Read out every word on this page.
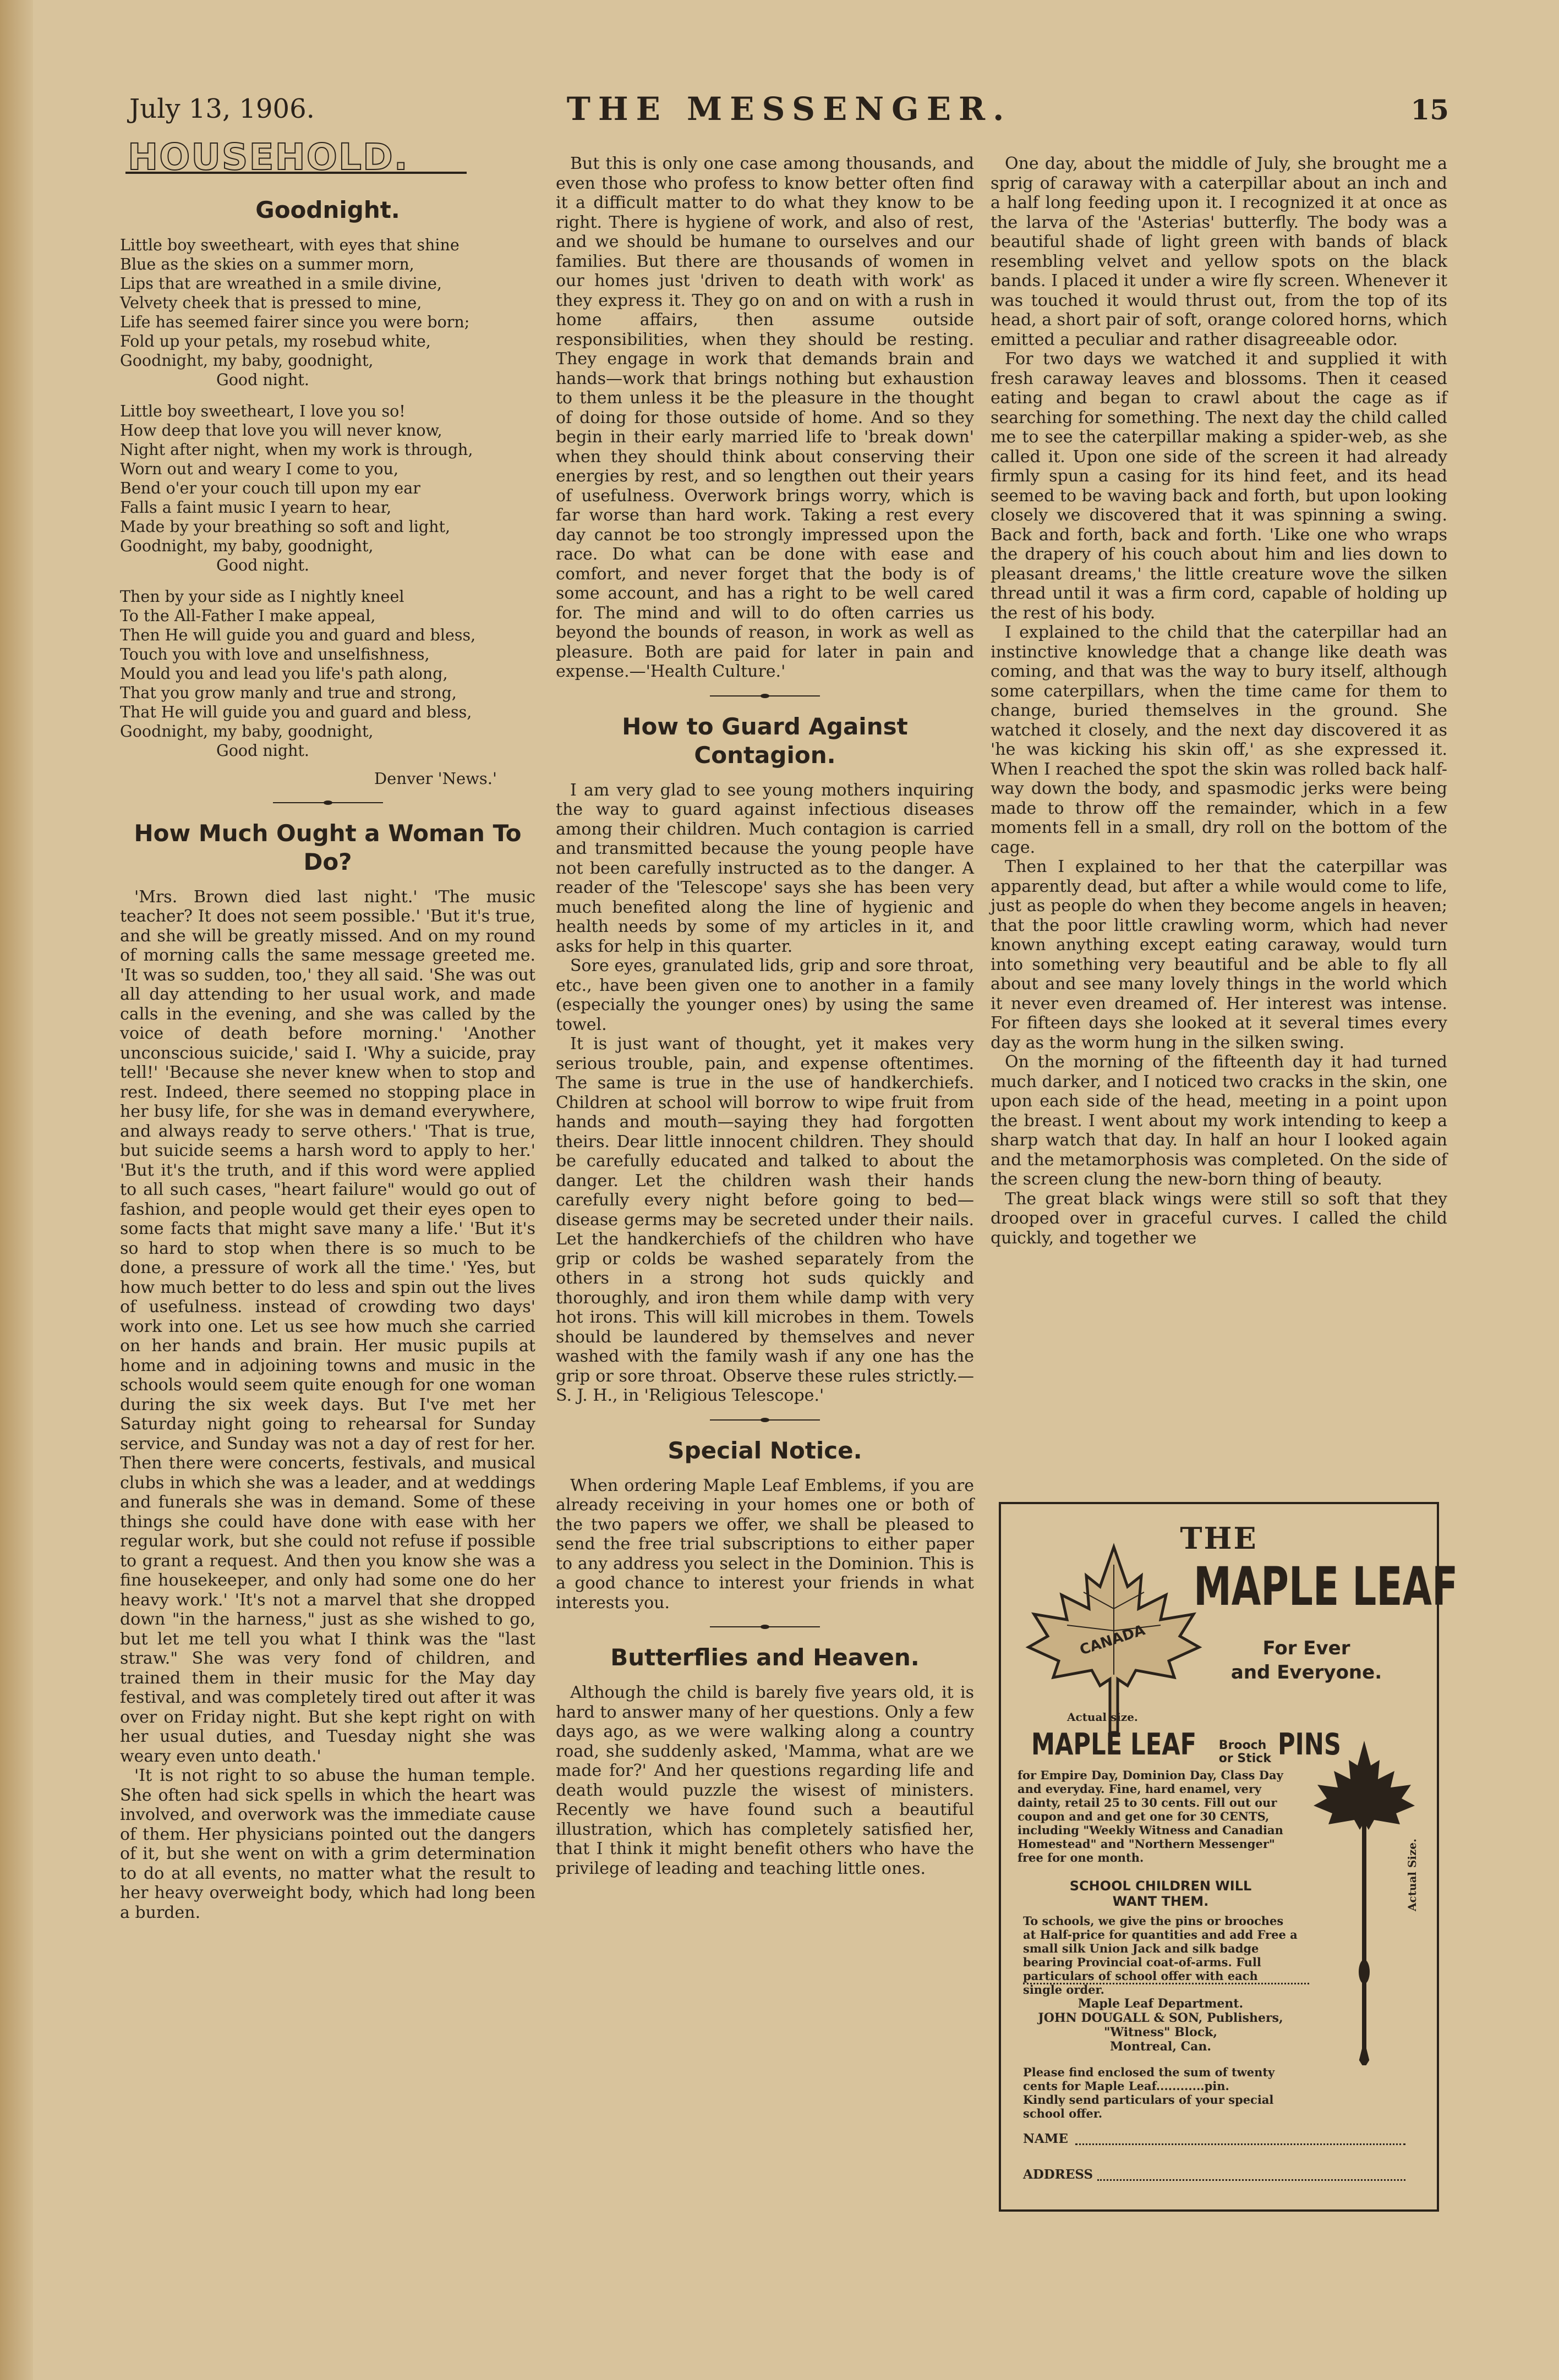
July 13, 1906.	THE MESSENGER.	15
HOUSEHOLD.
Goodnight.
Little boy sweetheart, with eyes that shine
Blue as the skies on a summer morn,
Lips that are wreathed in a smile divine,
Velvety cheek that is pressed to mine,
Life has seemed fairer since you were born;
Fold up your petals, my rosebud white,
Goodnight, my baby, goodnight,
Good night.
Little boy sweetheart, I love you so!
How deep that love you will never know,
Night after night, when my work is through,
Worn out and weary I come to you,
Bend o'er your couch till upon my ear
Falls a faint music I yearn to hear,
Made by your breathing so soft and light,
Goodnight, my baby, goodnight,
Good night.
Then by your side as I nightly kneel
To the All-Father I make appeal,
Then He will guide you and guard and bless,
Touch you with love and unselfishness,
Mould you and lead you life's path along,
That you grow manly and true and strong,
That He will guide you and guard and bless,
Goodnight, my baby, goodnight,
Good night.
Denver 'News.'
How Much Ought a Woman To Do?

'Mrs. Brown died last night.' 'The music teacher? It does not seem possible.' 'But it's true, and she will be greatly missed. And on my round of morning calls the same message greeted me. 'It was so sudden, too,' they all said. 'She was out all day attending to her usual work, and made calls in the evening, and she was called by the voice of death before morning.' 'Another unconscious suicide,' said I. 'Why a suicide, pray tell!' 'Because she never knew when to stop and rest. Indeed, there seemed no stopping place in her busy life, for she was in demand everywhere, and always ready to serve others.' 'That is true, but suicide seems a harsh word to apply to her.' 'But it's the truth, and if this word were applied to all such cases, "heart failure" would go out of fashion, and people would get their eyes open to some facts that might save many a life.' 'But it's so hard to stop when there is so much to be done, a pressure of work all the time.' 'Yes, but how much better to do less and spin out the lives of usefulness. instead of crowding two days' work into one. Let us see how much she carried on her hands and brain. Her music pupils at home and in adjoining towns and music in the schools would seem quite enough for one woman during the six week days. But I've met her Saturday night going to rehearsal for Sunday service, and Sunday was not a day of rest for her. Then there were concerts, festivals, and musical clubs in which she was a leader, and at weddings and funerals she was in demand. Some of these things she could have done with ease with her regular work, but she could not refuse if possible to grant a request. And then you know she was a fine housekeeper, and only had some one do her heavy work.' 'It's not a marvel that she dropped down "in the harness," just as she wished to go, but let me tell you what I think was the "last straw." She was very fond of children, and trained them in their music for the May day festival, and was completely tired out after it was over on Friday night. But she kept right on with her usual duties, and Tuesday night she was weary even unto death.'

'It is not right to so abuse the human temple. She often had sick spells in which the heart was involved, and overwork was the immediate cause of them. Her physicians pointed out the dangers of it, but she went on with a grim determination to do at all events, no matter what the result to her heavy overweight body, which had long been a burden.

But this is only one case among thousands, and even those who profess to know better often find it a difficult matter to do what they know to be right. There is hygiene of work, and also of rest, and we should be humane to ourselves and our families. But there are thousands of women in our homes just 'driven to death with work' as they express it. They go on and on with a rush in home affairs, then assume outside responsibilities, when they should be resting. They engage in work that demands brain and hands—work that brings nothing but exhaustion to them unless it be the pleasure in the thought of doing for those outside of home. And so they begin in their early married life to 'break down' when they should think about conserving their energies by rest, and so lengthen out their years of usefulness. Overwork brings worry, which is far worse than hard work. Taking a rest every day cannot be too strongly impressed upon the race. Do what can be done with ease and comfort, and never forget that the body is of some account, and has a right to be well cared for. The mind and will to do often carries us beyond the bounds of reason, in work as well as pleasure. Both are paid for later in pain and expense.—'Health Culture.'

How to Guard Against Contagion.

I am very glad to see young mothers inquiring the way to guard against infectious diseases among their children. Much contagion is carried and transmitted because the young people have not been carefully instructed as to the danger. A reader of the 'Telescope' says she has been very much benefited along the line of hygienic and health needs by some of my articles in it, and asks for help in this quarter.

Sore eyes, granulated lids, grip and sore throat, etc., have been given one to another in a family (especially the younger ones) by using the same towel.

It is just want of thought, yet it makes very serious trouble, pain, and expense oftentimes. The same is true in the use of handkerchiefs. Children at school will borrow to wipe fruit from hands and mouth—saying they had forgotten theirs. Dear little innocent children. They should be carefully educated and talked to about the danger. Let the children wash their hands carefully every night before going to bed—disease germs may be secreted under their nails. Let the handkerchiefs of the children who have grip or colds be washed separately from the others in a strong hot suds quickly and thoroughly, and iron them while damp with very hot irons. This will kill microbes in them. Towels should be laundered by themselves and never washed with the family wash if any one has the grip or sore throat. Observe these rules strictly.—S. J. H., in 'Religious Telescope.'

Special Notice.

When ordering Maple Leaf Emblems, if you are already receiving in your homes one or both of the two papers we offer, we shall be pleased to send the free trial subscriptions to either paper to any address you select in the Dominion. This is a good chance to interest your friends in what interests you.

Butterflies and Heaven.

Although the child is barely five years old, it is hard to answer many of her questions. Only a few days ago, as we were walking along a country road, she suddenly asked, 'Mamma, what are we made for?' And her questions regarding life and death would puzzle the wisest of ministers. Recently we have found such a beautiful illustration, which has completely satisfied her, that I think it might benefit others who have the privilege of leading and teaching little ones.

One day, about the middle of July, she brought me a sprig of caraway with a caterpillar about an inch and a half long feeding upon it. I recognized it at once as the larva of the 'Asterias' butterfly. The body was a beautiful shade of light green with bands of black resembling velvet and yellow spots on the black bands. I placed it under a wire fly screen. Whenever it was touched it would thrust out, from the top of its head, a short pair of soft, orange colored horns, which emitted a peculiar and rather disagreeable odor.

For two days we watched it and supplied it with fresh caraway leaves and blossoms. Then it ceased eating and began to crawl about the cage as if searching for something. The next day the child called me to see the caterpillar making a spider-web, as she called it. Upon one side of the screen it had already firmly spun a casing for its hind feet, and its head seemed to be waving back and forth, but upon looking closely we discovered that it was spinning a swing. Back and forth, back and forth. 'Like one who wraps the drapery of his couch about him and lies down to pleasant dreams,' the little creature wove the silken thread until it was a firm cord, capable of holding up the rest of his body.

I explained to the child that the caterpillar had an instinctive knowledge that a change like death was coming, and that was the way to bury itself, although some caterpillars, when the time came for them to change, buried themselves in the ground. She watched it closely, and the next day discovered it as 'he was kicking his skin off,' as she expressed it. When I reached the spot the skin was rolled back half-way down the body, and spasmodic jerks were being made to throw off the remainder, which in a few moments fell in a small, dry roll on the bottom of the cage.

Then I explained to her that the caterpillar was apparently dead, but after a while would come to life, just as people do when they become angels in heaven; that the poor little crawling worm, which had never known anything except eating caraway, would turn into something very beautiful and be able to fly all about and see many lovely things in the world which it never even dreamed of. Her interest was intense. For fifteen days she looked at it several times every day as the worm hung in the silken swing.

On the morning of the fifteenth day it had turned much darker, and I noticed two cracks in the skin, one upon each side of the head, meeting in a point upon the breast. I went about my work intending to keep a sharp watch that day. In half an hour I looked again and the metamorphosis was completed. On the side of the screen clung the new-born thing of beauty.

The great black wings were still so soft that they drooped over in graceful curves. I called the child quickly, and together we

THE
CANADA
MAPLE LEAF
For Ever
and Everyone.
Actual size.
MAPLE LEAF Brooch
or Stick PINS
for Empire Day, Dominion Day, Class Day and everyday. Fine, hard enamel, very dainty, retail 25 to 30 cents. Fill out our coupon and and get one for 30 CENTS, including "Weekly Witness and Canadian Homestead" and "Northern Messenger" free for one month.
SCHOOL CHILDREN WILL
WANT THEM.
To schools, we give the pins or brooches at Half-price for quantities and add Free a small silk Union Jack and silk badge bearing Provincial coat-of-arms. Full particulars of school offer with each single order.
Actual Size.
Maple Leaf Department.
JOHN DOUGALL & SON, Publishers,
"Witness" Block,
Montreal, Can.
Please find enclosed the sum of twenty
cents for Maple Leaf............pin.
Kindly send particulars of your special school offer.
NAME
ADDRESS
